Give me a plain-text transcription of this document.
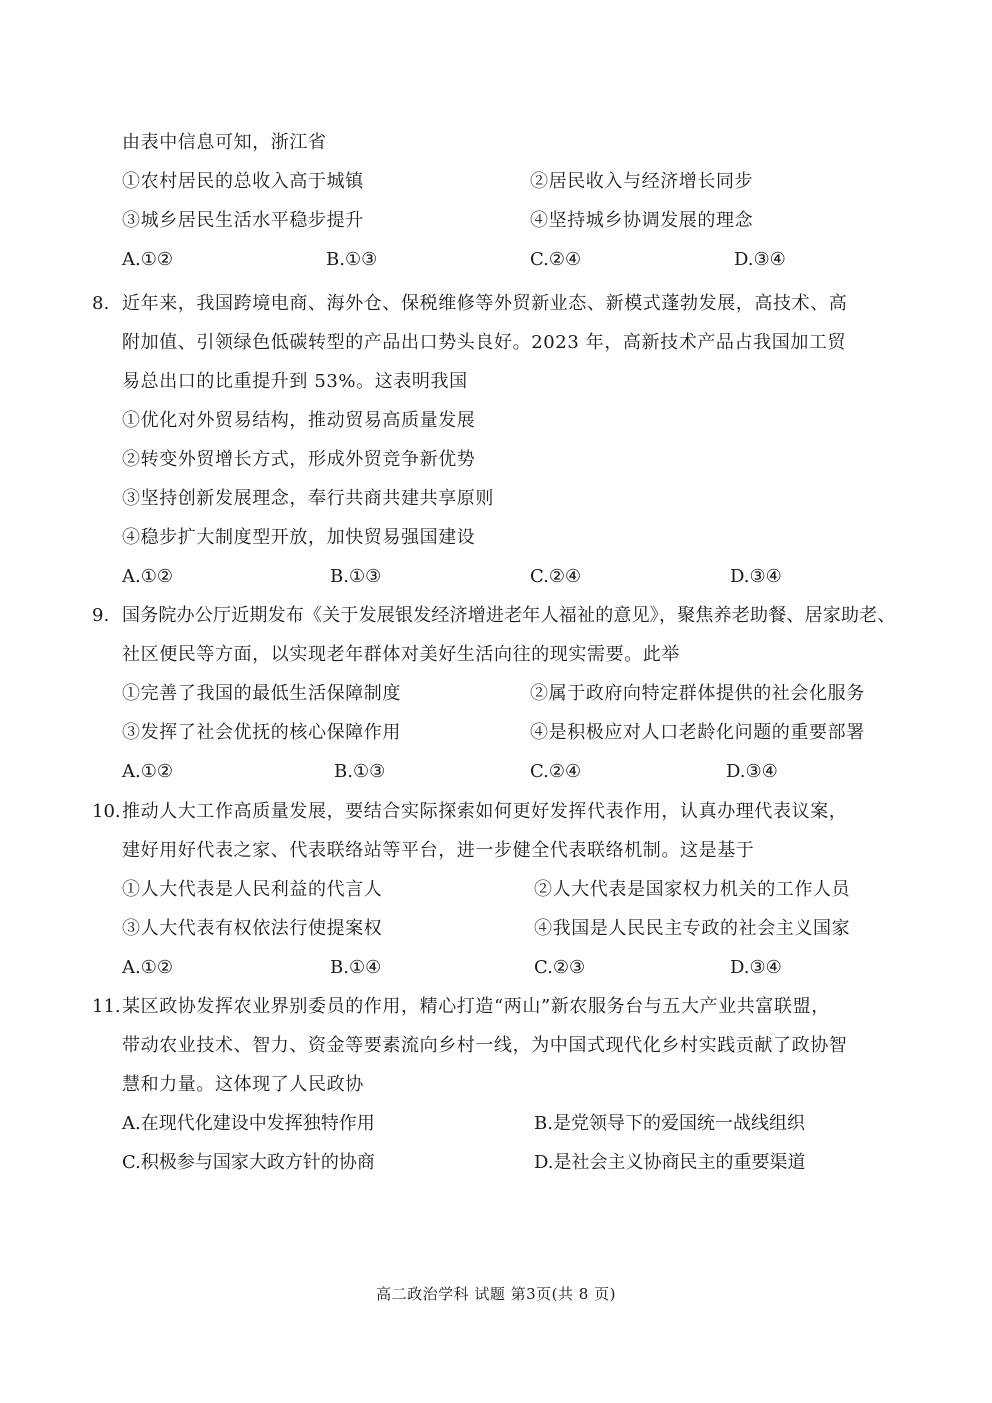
由表中信息可知，浙江省
①农村居民的总收入高于城镇	②居民收入与经济增长同步
③城乡居民生活水平稳步提升	④坚持城乡协调发展的理念
A.①②	B.①③	C.②④	D.③④
8. 近年来，我国跨境电商、海外仓、保税维修等外贸新业态、新模式蓬勃发展，高技术、高
附加值、引领绿色低碳转型的产品出口势头良好。2023 年，高新技术产品占我国加工贸
易总出口的比重提升到 53%。这表明我国
①优化对外贸易结构，推动贸易高质量发展
②转变外贸增长方式，形成外贸竞争新优势
③坚持创新发展理念，奉行共商共建共享原则
④稳步扩大制度型开放，加快贸易强国建设
A.①②	B.①③	C.②④	D.③④
9. 国务院办公厅近期发布《关于发展银发经济增进老年人福祉的意见》，聚焦养老助餐、居家助老、
社区便民等方面，以实现老年群体对美好生活向往的现实需要。此举
①完善了我国的最低生活保障制度	②属于政府向特定群体提供的社会化服务
③发挥了社会优抚的核心保障作用	④是积极应对人口老龄化问题的重要部署
A.①②	B.①③	C.②④	D.③④
10. 推动人大工作高质量发展，要结合实际探索如何更好发挥代表作用，认真办理代表议案，
建好用好代表之家、代表联络站等平台，进一步健全代表联络机制。这是基于
①人大代表是人民利益的代言人	②人大代表是国家权力机关的工作人员
③人大代表有权依法行使提案权	④我国是人民民主专政的社会主义国家
A.①②	B.①④	C.②③	D.③④
11. 某区政协发挥农业界别委员的作用，精心打造“两山”新农服务台与五大产业共富联盟，
带动农业技术、智力、资金等要素流向乡村一线，为中国式现代化乡村实践贡献了政协智
慧和力量。这体现了人民政协
A.在现代化建设中发挥独特作用	B.是党领导下的爱国统一战线组织
C.积极参与国家大政方针的协商	D.是社会主义协商民主的重要渠道
高二政治学科 试题 第3页(共 8 页)
